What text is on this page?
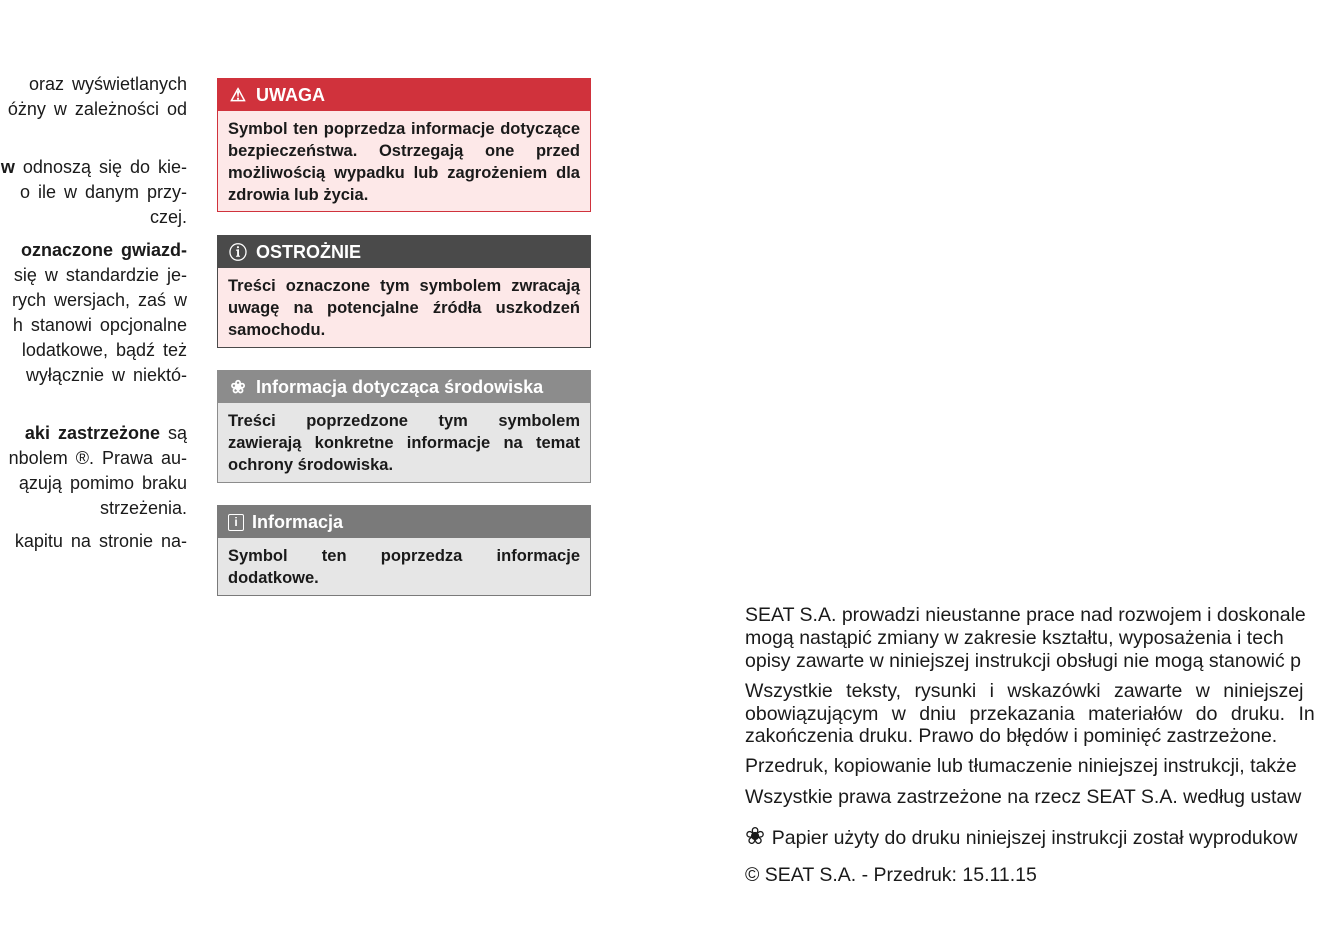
oraz wyświetlanych
óżny w zależności od
w odnoszą się do kie-
o ile w danym przy-
czej.
oznaczone gwiazd-
się w standardzie je-
rych wersjach, zaś w
h stanowi opcjonalne
lodatkowe, bądź też
wyłącznie w niektó-
aki zastrzeżone są
nbolem ®. Prawa au-
ązują pomimo braku
strzeżenia.
kapitu na stronie na-
⚠ UWAGA
Symbol ten poprzedza informacje dotyczące bezpieczeństwa. Ostrzegają one przed możliwością wypadku lub zagrożeniem dla zdrowia lub życia.
ⓘ OSTROŻNIE
Treści oznaczone tym symbolem zwracają uwagę na potencjalne źródła uszkodzeń samochodu.
❀ Informacja dotycząca środowiska
Treści poprzedzone tym symbolem zawierają konkretne informacje na temat ochrony środowiska.
i Informacja
Symbol ten poprzedza informacje dodatkowe.
SEAT S.A. prowadzi nieustanne prace nad rozwojem i doskonale
mogą nastąpić zmiany w zakresie kształtu, wyposażenia i tech
opisy zawarte w niniejszej instrukcji obsługi nie mogą stanowić p
Wszystkie teksty, rysunki i wskazówki zawarte w niniejszej
obowiązującym w dniu przekazania materiałów do druku. In
zakończenia druku. Prawo do błędów i pominięć zastrzeżone.
Przedruk, kopiowanie lub tłumaczenie niniejszej instrukcji, także
Wszystkie prawa zastrzeżone na rzecz SEAT S.A. według ustaw
❀ Papier użyty do druku niniejszej instrukcji został wyprodukow
© SEAT S.A. - Przedruk: 15.11.15
